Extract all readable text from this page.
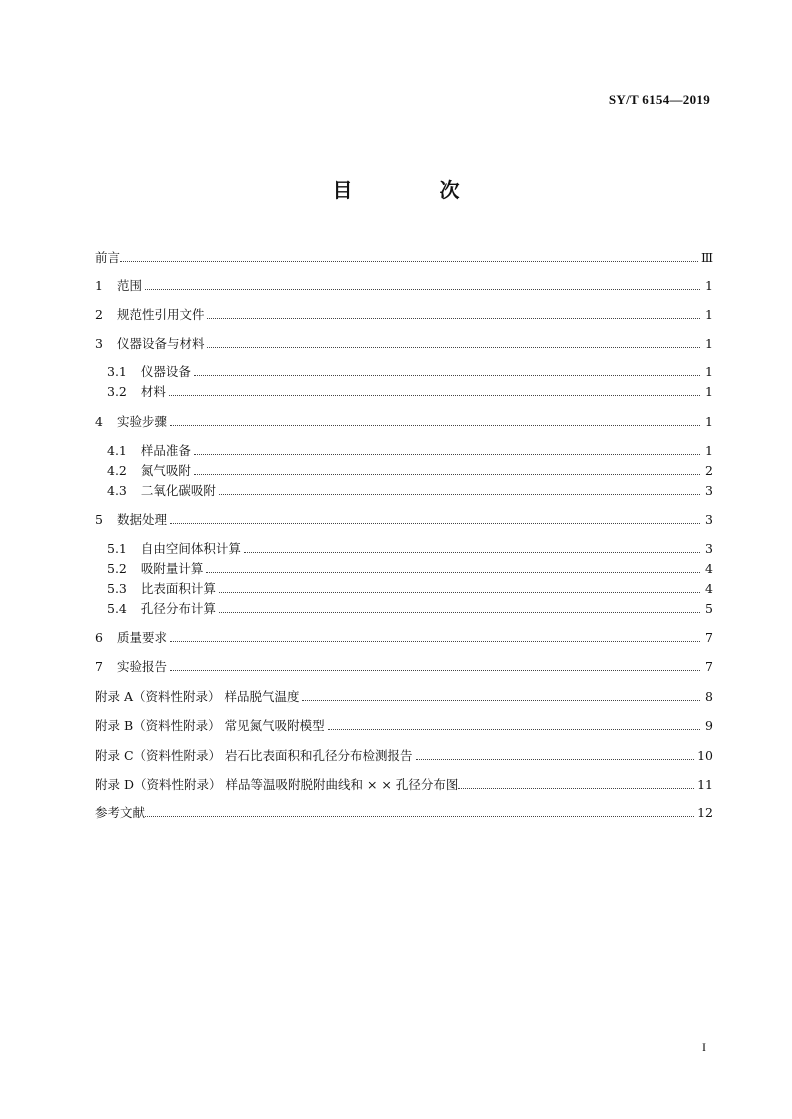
SY/T 6154—2019
目 次
前言	Ⅲ
1 范围	1
2 规范性引用文件	1
3 仪器设备与材料	1
3.1 仪器设备	1
3.2 材料	1
4 实验步骤	1
4.1 样品准备	1
4.2 氮气吸附	2
4.3 二氧化碳吸附	3
5 数据处理	3
5.1 自由空间体积计算	3
5.2 吸附量计算	4
5.3 比表面积计算	4
5.4 孔径分布计算	5
6 质量要求	7
7 实验报告	7
附录 A（资料性附录） 样品脱气温度	8
附录 B（资料性附录） 常见氮气吸附模型	9
附录 C（资料性附录） 岩石比表面积和孔径分布检测报告	10
附录 D（资料性附录） 样品等温吸附脱附曲线和 × × 孔径分布图	11
参考文献	12
I
